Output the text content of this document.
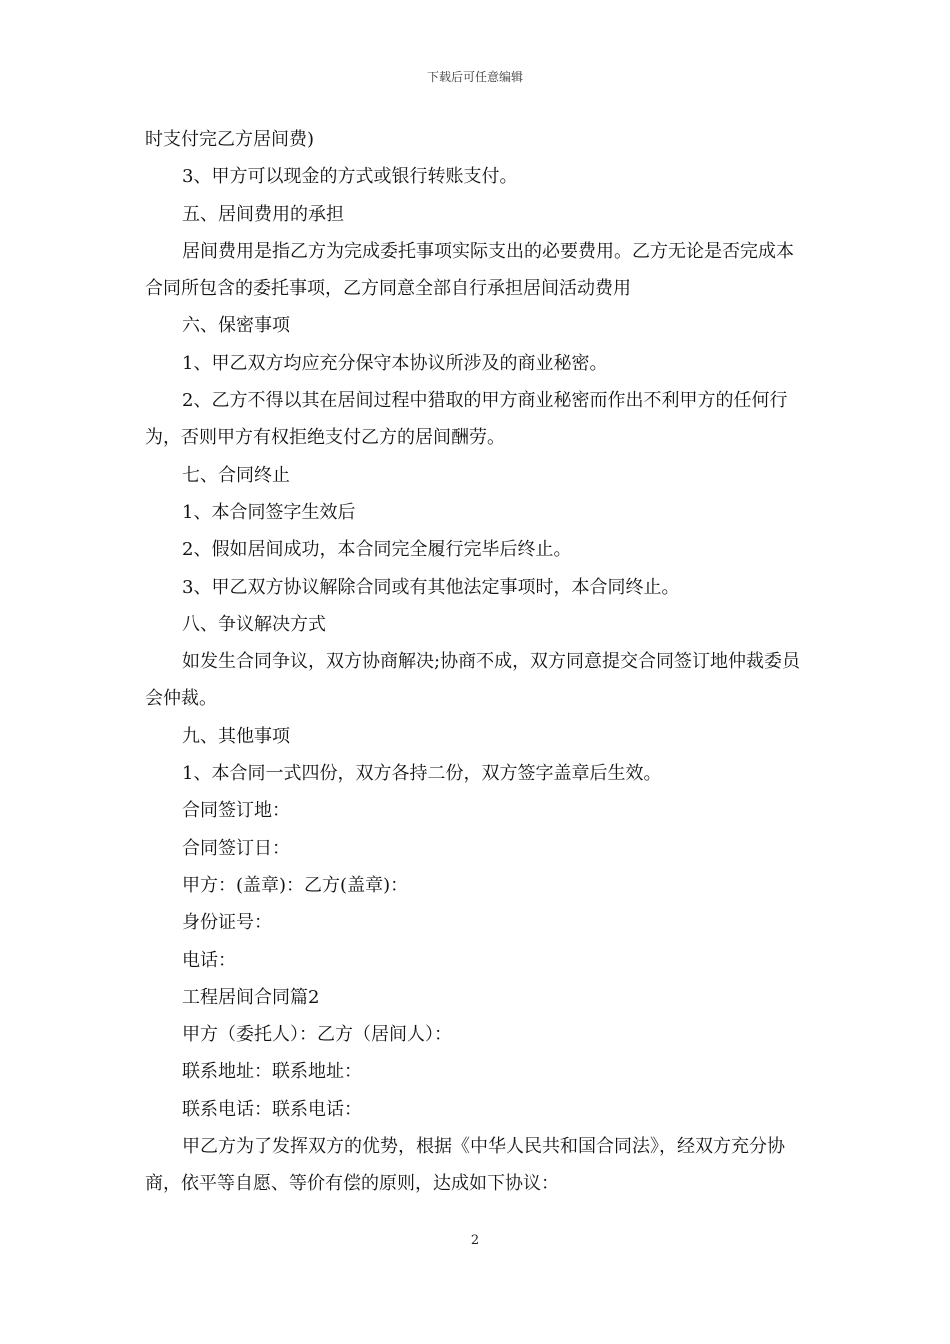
下载后可任意编辑

时支付完乙方居间费)

3、甲方可以现金的方式或银行转账支付。

五、居间费用的承担

居间费用是指乙方为完成委托事项实际支出的必要费用。乙方无论是否完成本合同所包含的委托事项，乙方同意全部自行承担居间活动费用

六、保密事项

1、甲乙双方均应充分保守本协议所涉及的商业秘密。

2、乙方不得以其在居间过程中猎取的甲方商业秘密而作出不利甲方的任何行为，否则甲方有权拒绝支付乙方的居间酬劳。

七、合同终止

1、本合同签字生效后

2、假如居间成功，本合同完全履行完毕后终止。

3、甲乙双方协议解除合同或有其他法定事项时，本合同终止。

八、争议解决方式

如发生合同争议，双方协商解决;协商不成，双方同意提交合同签订地仲裁委员会仲裁。

九、其他事项

1、本合同一式四份，双方各持二份，双方签字盖章后生效。

合同签订地：

合同签订日：

甲方：(盖章)：乙方(盖章)：

身份证号：

电话：

工程居间合同篇2

甲方（委托人）：乙方（居间人）：

联系地址：联系地址：

联系电话：联系电话：

甲乙方为了发挥双方的优势，根据《中华人民共和国合同法》，经双方充分协商，依平等自愿、等价有偿的原则，达成如下协议：

2
